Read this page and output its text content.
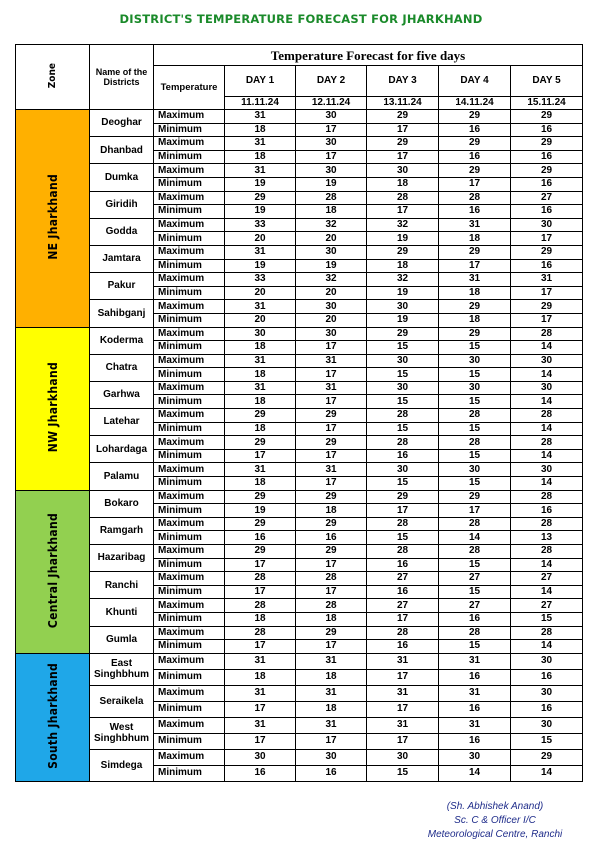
DISTRICT'S TEMPERATURE FORECAST FOR JHARKHAND
Zone	Name of the Districts	Temperature Forecast for five days					
		Temperature	DAY 1	DAY 2	DAY 3	DAY 4	DAY 5
			11.11.24	12.11.24	13.11.24	14.11.24	15.11.24
NE Jharkhand	Deoghar	Maximum	31	30	29	29	29
		Minimum	18	17	17	16	16
	Dhanbad	Maximum	31	30	29	29	29
		Minimum	18	17	17	16	16
	Dumka	Maximum	31	30	30	29	29
		Minimum	19	19	18	17	16
	Giridih	Maximum	29	28	28	28	27
		Minimum	19	18	17	16	16
	Godda	Maximum	33	32	32	31	30
		Minimum	20	20	19	18	17
	Jamtara	Maximum	31	30	29	29	29
		Minimum	19	19	18	17	16
	Pakur	Maximum	33	32	32	31	31
		Minimum	20	20	19	18	17
	Sahibganj	Maximum	31	30	30	29	29
		Minimum	20	20	19	18	17
NW Jharkhand	Koderma	Maximum	30	30	29	29	28
		Minimum	18	17	15	15	14
	Chatra	Maximum	31	31	30	30	30
		Minimum	18	17	15	15	14
	Garhwa	Maximum	31	31	30	30	30
		Minimum	18	17	15	15	14
	Latehar	Maximum	29	29	28	28	28
		Minimum	18	17	15	15	14
	Lohardaga	Maximum	29	29	28	28	28
		Minimum	17	17	16	15	14
	Palamu	Maximum	31	31	30	30	30
		Minimum	18	17	15	15	14
Central Jharkhand	Bokaro	Maximum	29	29	29	29	28
		Minimum	19	18	17	17	16
	Ramgarh	Maximum	29	29	28	28	28
		Minimum	16	16	15	14	13
	Hazaribag	Maximum	29	29	28	28	28
		Minimum	17	17	16	15	14
	Ranchi	Maximum	28	28	27	27	27
		Minimum	17	17	16	15	14
	Khunti	Maximum	28	28	27	27	27
		Minimum	18	18	17	16	15
	Gumla	Maximum	28	29	28	28	28
		Minimum	17	17	16	15	14
South Jharkhand	East Singhbhum	Maximum	31	31	31	31	30
		Minimum	18	18	17	16	16
	Seraikela	Maximum	31	31	31	31	30
		Minimum	17	18	17	16	16
	West Singhbhum	Maximum	31	31	31	31	30
		Minimum	17	17	17	16	15
	Simdega	Maximum	30	30	30	30	29
		Minimum	16	16	15	14	14
(Sh. Abhishek Anand)
Sc. C & Officer I/C
Meteorological Centre, Ranchi
